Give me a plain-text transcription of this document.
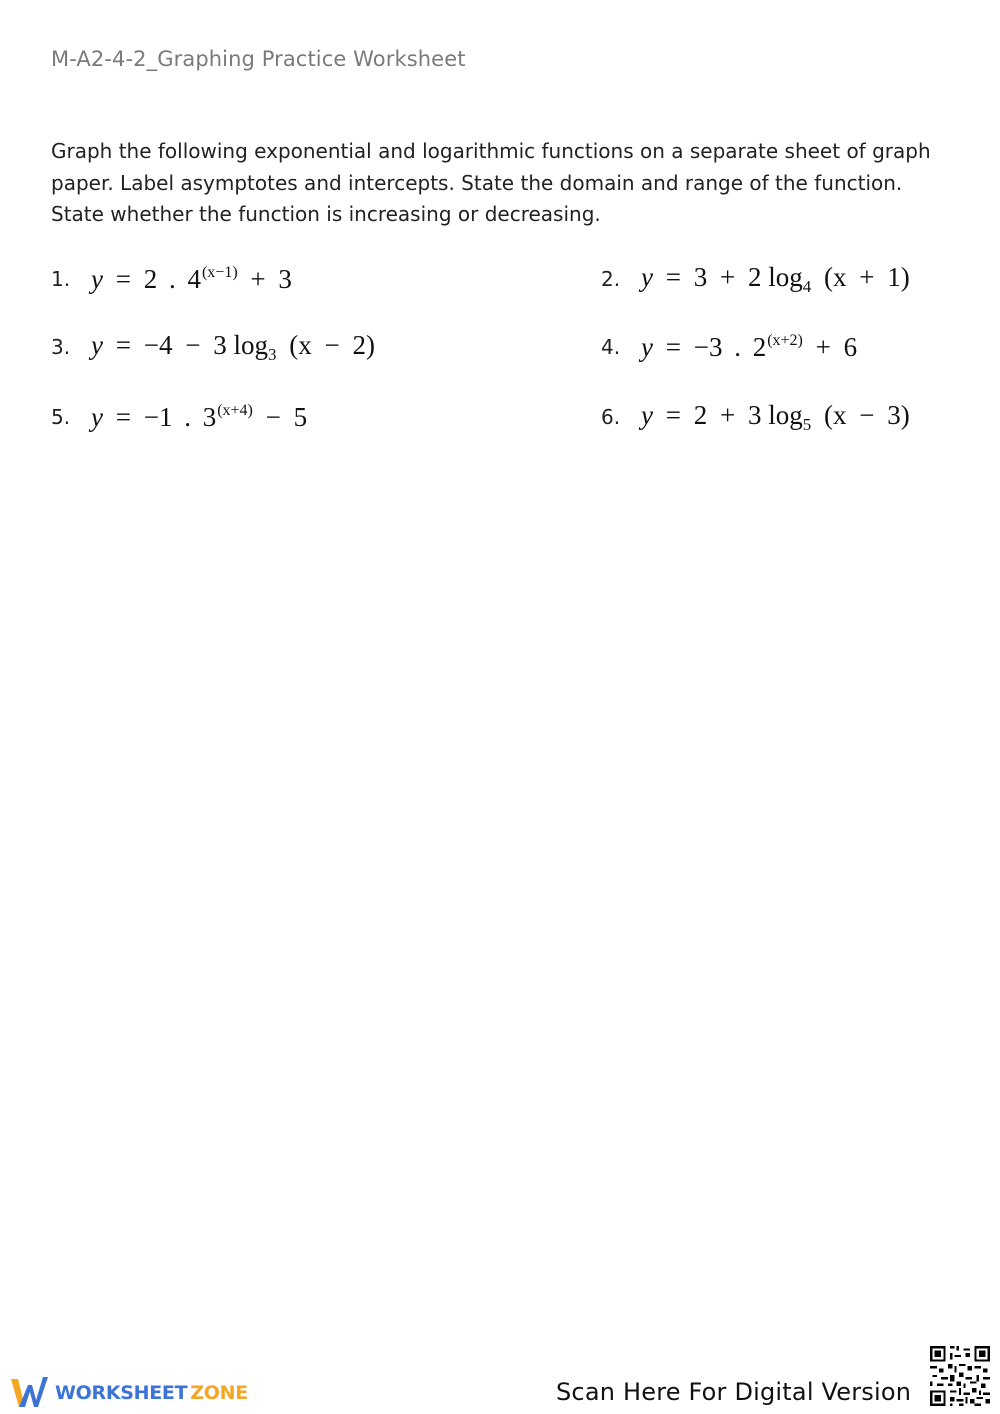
M-A2-4-2_Graphing Practice Worksheet
Graph the following exponential and logarithmic functions on a separate sheet of graph
paper. Label asymptotes and intercepts. State the domain and range of the function.
State whether the function is increasing or decreasing.
1. y = 2 . $4^{(x-1)} + 3$	2. y = 3 + 2 $\log_4 (x + 1)$
3. y = −4 − 3 $\log_3 (x - 2)$	4. y = −3 . $2^{(x+2)} + 6$
5. y = −1 . $3^{(x+4)} - 5$	6. y = 2 + 3 $\log_5 (x - 3)$
WORKSHEET ZONE	Scan Here For Digital Version
